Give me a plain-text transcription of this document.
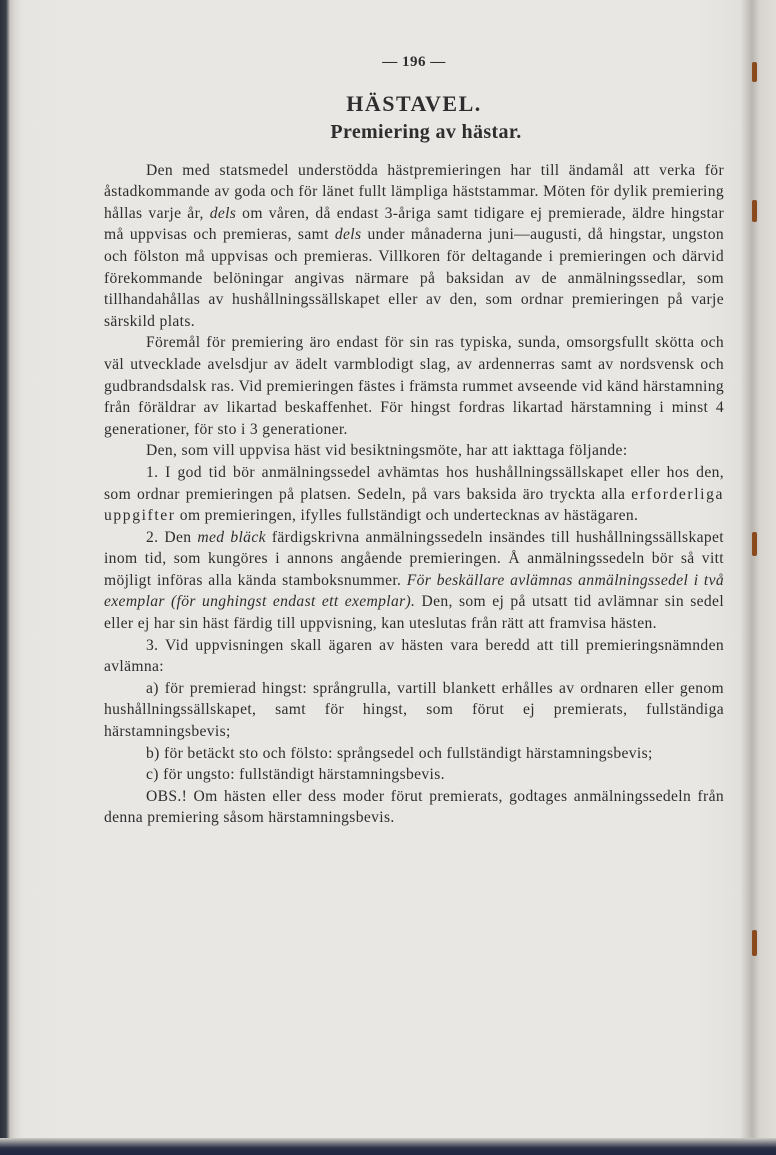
— 196 —
HÄSTAVEL.
Premiering av hästar.

Den med statsmedel understödda hästpremieringen har till ändamål att verka för åstadkommande av goda och för länet fullt lämpliga häststammar. Möten för dylik premiering hållas varje år, dels om våren, då endast 3-åriga samt tidigare ej premierade, äldre hingstar må uppvisas och premieras, samt dels under månaderna juni—augusti, då hingstar, ungston och fölston må uppvisas och premieras. Villkoren för deltagande i premieringen och därvid förekommande belöningar angivas närmare på baksidan av de anmälningssedlar, som tillhandahållas av hushållningssällskapet eller av den, som ordnar premieringen på varje särskild plats.

Föremål för premiering äro endast för sin ras typiska, sunda, omsorgsfullt skötta och väl utvecklade avelsdjur av ädelt varmblodigt slag, av ardennerras samt av nordsvensk och gudbrandsdalsk ras. Vid premieringen fästes i främsta rummet avseende vid känd härstamning från föräldrar av likartad beskaffenhet. För hingst fordras likartad härstamning i minst 4 generationer, för sto i 3 generationer.

Den, som vill uppvisa häst vid besiktningsmöte, har att iakttaga följande:

1. I god tid bör anmälningssedel avhämtas hos hushållningssällskapet eller hos den, som ordnar premieringen på platsen. Sedeln, på vars baksida äro tryckta alla erforderliga uppgifter om premieringen, ifylles fullständigt och undertecknas av hästägaren.

2. Den med bläck färdigskrivna anmälningssedeln insändes till hushållningssällskapet inom tid, som kungöres i annons angående premieringen. Å anmälningssedeln bör så vitt möjligt införas alla kända stamboksnummer. För beskällare avlämnas anmälningssedel i två exemplar (för unghingst endast ett exemplar). Den, som ej på utsatt tid avlämnar sin sedel eller ej har sin häst färdig till uppvisning, kan uteslutas från rätt att framvisa hästen.

3. Vid uppvisningen skall ägaren av hästen vara beredd att till premieringsnämnden avlämna:

a) för premierad hingst: språngrulla, vartill blankett erhålles av ordnaren eller genom hushållningssällskapet, samt för hingst, som förut ej premierats, fullständiga härstamningsbevis;

b) för betäckt sto och fölsto: språngsedel och fullständigt härstamningsbevis;

c) för ungsto: fullständigt härstamningsbevis.

OBS.! Om hästen eller dess moder förut premierats, godtages anmälningssedeln från denna premiering såsom härstamningsbevis.
